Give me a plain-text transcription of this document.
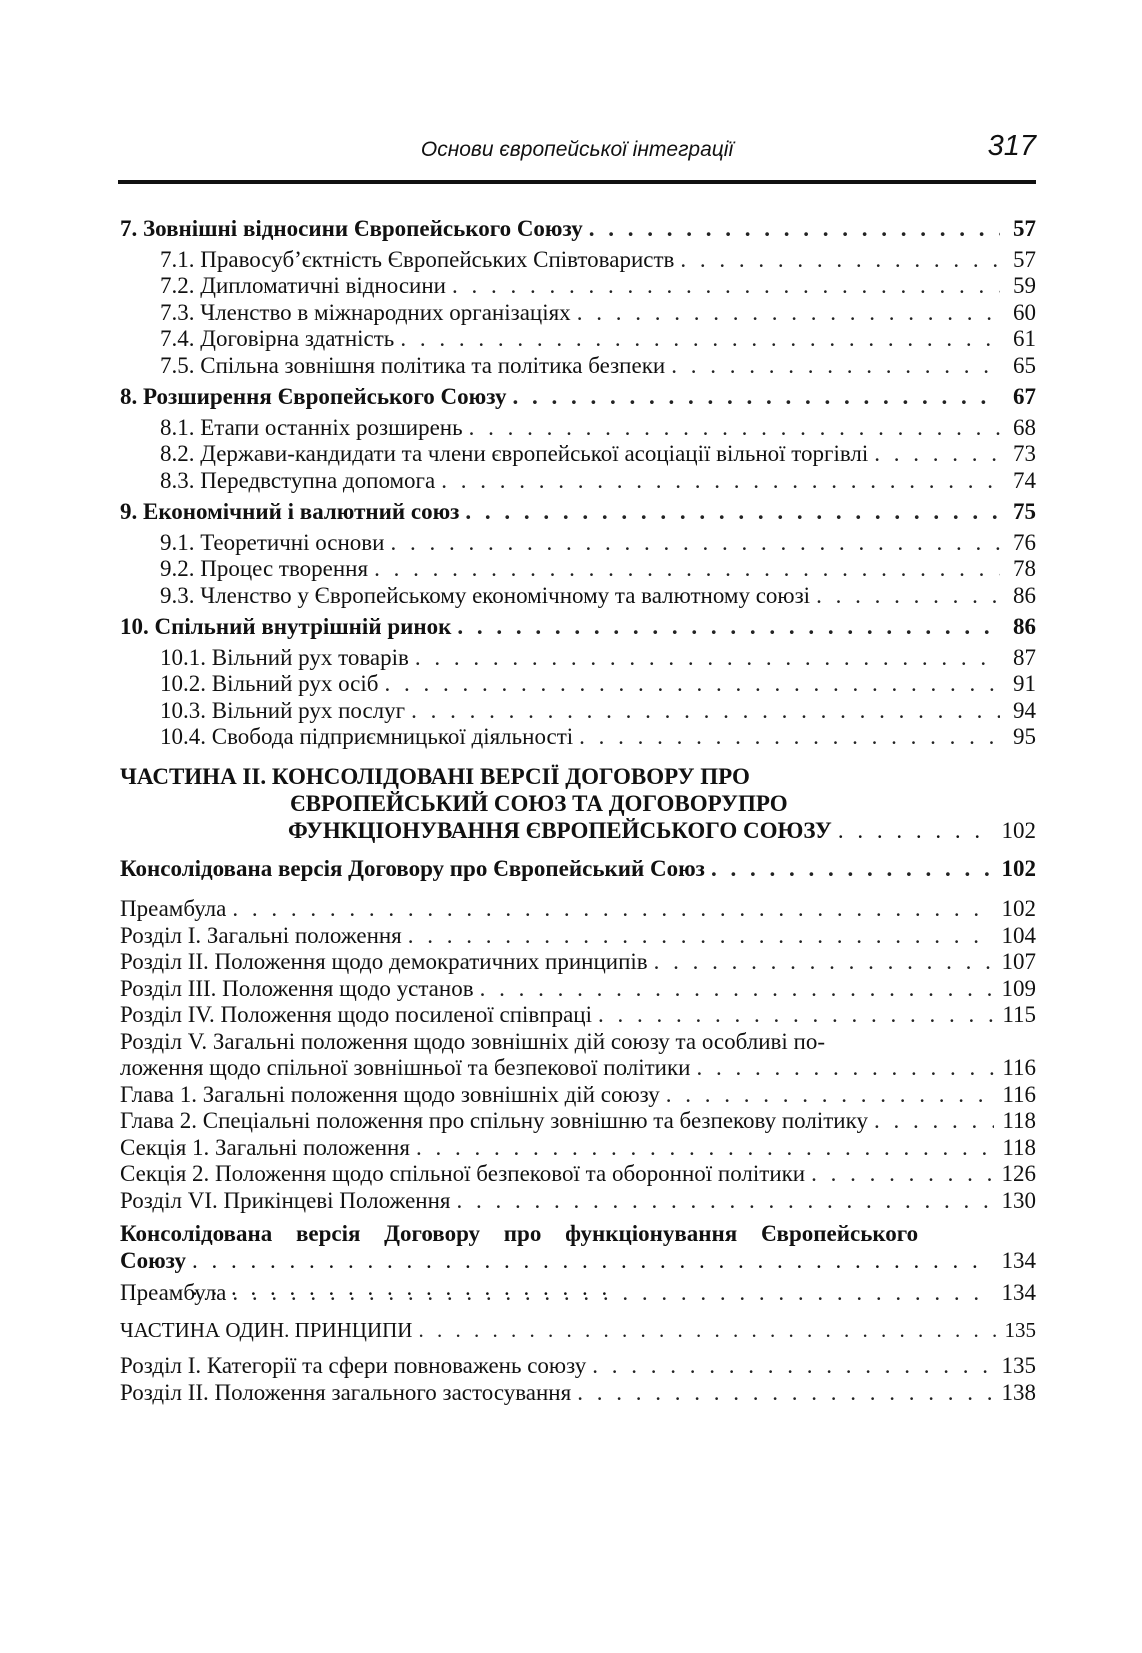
Основи європейської інтеграції	317
7. Зовнішні відносини Європейського Союзу . . .	57
7.1. Правосуб’єктність Європейських Співтовариств . . .	57
7.2. Дипломатичні відносини . . .	59
7.3. Членство в міжнародних організаціях . . .	60
7.4. Договірна здатність . . .	61
7.5. Спільна зовнішня політика та політика безпеки . . .	65
8. Розширення Європейського Союзу . . .	67
8.1. Етапи останніх розширень . . .	68
8.2. Держави-кандидати та члени європейської асоціації вільної торгівлі . . .	73
8.3. Передвступна допомога . . .	74
9. Економічний і валютний союз . . .	75
9.1. Теоретичні основи . . .	76
9.2. Процес творення . . .	78
9.3. Членство у Європейському економічному та валютному союзі . . .	86
10. Спільний внутрішній ринок . . .	86
10.1. Вільний рух товарів . . .	87
10.2. Вільний рух осіб . . .	91
10.3. Вільний рух послуг . . .	94
10.4. Свобода підприємницької діяльності . . .	95
ЧАСТИНА ІІ. КОНСОЛІДОВАНІ ВЕРСІЇ ДОГОВОРУ ПРО
ЄВРОПЕЙСЬКИЙ СОЮЗ ТА ДОГОВОРУПРО
ФУНКЦІОНУВАННЯ ЄВРОПЕЙСЬКОГО СОЮЗУ . . .	102
Консолідована версія Договору про Європейський Союз . . .	102
Преамбула . . .	102
Розділ І. Загальні положення . . .	104
Розділ ІІ. Положення щодо демократичних принципів . . .	107
Розділ ІІІ. Положення щодо установ . . .	109
Розділ IV. Положення щодо посиленої співпраці . . .	115
Розділ V. Загальні положення щодо зовнішніх дій союзу та особливі по-
ложення щодо спільної зовнішньої та безпекової політики . . .	116
Глава 1. Загальні положення щодо зовнішніх дій союзу . . .	116
Глава 2. Спеціальні положення про спільну зовнішню та безпекову політику . . .	118
Секція 1. Загальні положення . . .	118
Секція 2. Положення щодо спільної безпекової та оборонної політики . . .	126
Розділ VI. Прикінцеві Положення . . .	130
Консолідована версія Договору про функціонування Європейського
Союзу . . .	134
Преамбула . . .	134
ЧАСТИНА ОДИН. ПРИНЦИПИ . . .	135
Розділ І. Категорії та сфери повноважень союзу . . .	135
Розділ ІІ. Положення загального застосування . . .	138
